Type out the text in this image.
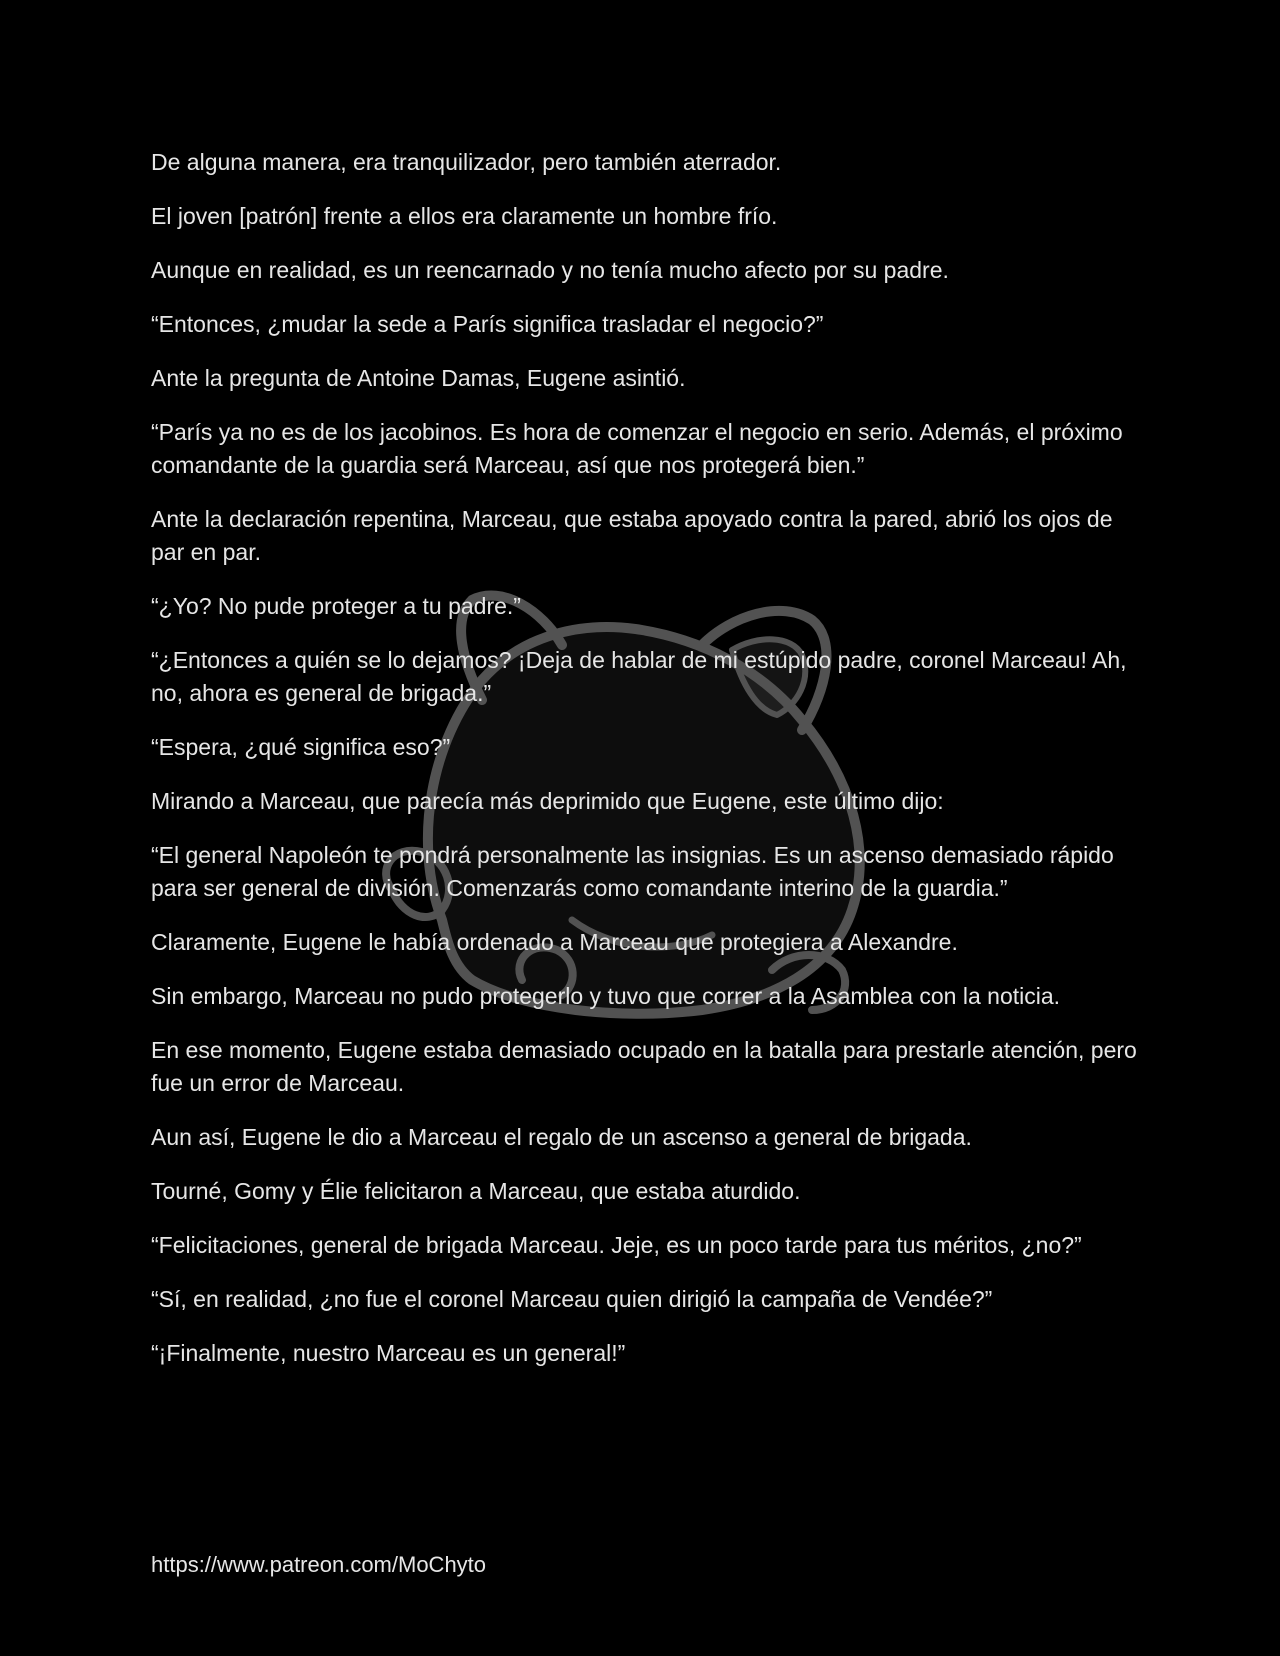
De alguna manera, era tranquilizador, pero también aterrador.

El joven [patrón] frente a ellos era claramente un hombre frío.

Aunque en realidad, es un reencarnado y no tenía mucho afecto por su padre.

“Entonces, ¿mudar la sede a París significa trasladar el negocio?”

Ante la pregunta de Antoine Damas, Eugene asintió.

“París ya no es de los jacobinos. Es hora de comenzar el negocio en serio. Además, el próximo comandante de la guardia será Marceau, así que nos protegerá bien.”

Ante la declaración repentina, Marceau, que estaba apoyado contra la pared, abrió los ojos de par en par.

“¿Yo? No pude proteger a tu padre.”

“¿Entonces a quién se lo dejamos? ¡Deja de hablar de mi estúpido padre, coronel Marceau! Ah, no, ahora es general de brigada.”

“Espera, ¿qué significa eso?”

Mirando a Marceau, que parecía más deprimido que Eugene, este último dijo:

“El general Napoleón te pondrá personalmente las insignias. Es un ascenso demasiado rápido para ser general de división. Comenzarás como comandante interino de la guardia.”

Claramente, Eugene le había ordenado a Marceau que protegiera a Alexandre.

Sin embargo, Marceau no pudo protegerlo y tuvo que correr a la Asamblea con la noticia.

En ese momento, Eugene estaba demasiado ocupado en la batalla para prestarle atención, pero fue un error de Marceau.

Aun así, Eugene le dio a Marceau el regalo de un ascenso a general de brigada.

Tourné, Gomy y Élie felicitaron a Marceau, que estaba aturdido.

“Felicitaciones, general de brigada Marceau. Jeje, es un poco tarde para tus méritos, ¿no?”

“Sí, en realidad, ¿no fue el coronel Marceau quien dirigió la campaña de Vendée?”

“¡Finalmente, nuestro Marceau es un general!”

https://www.patreon.com/MoChyto
